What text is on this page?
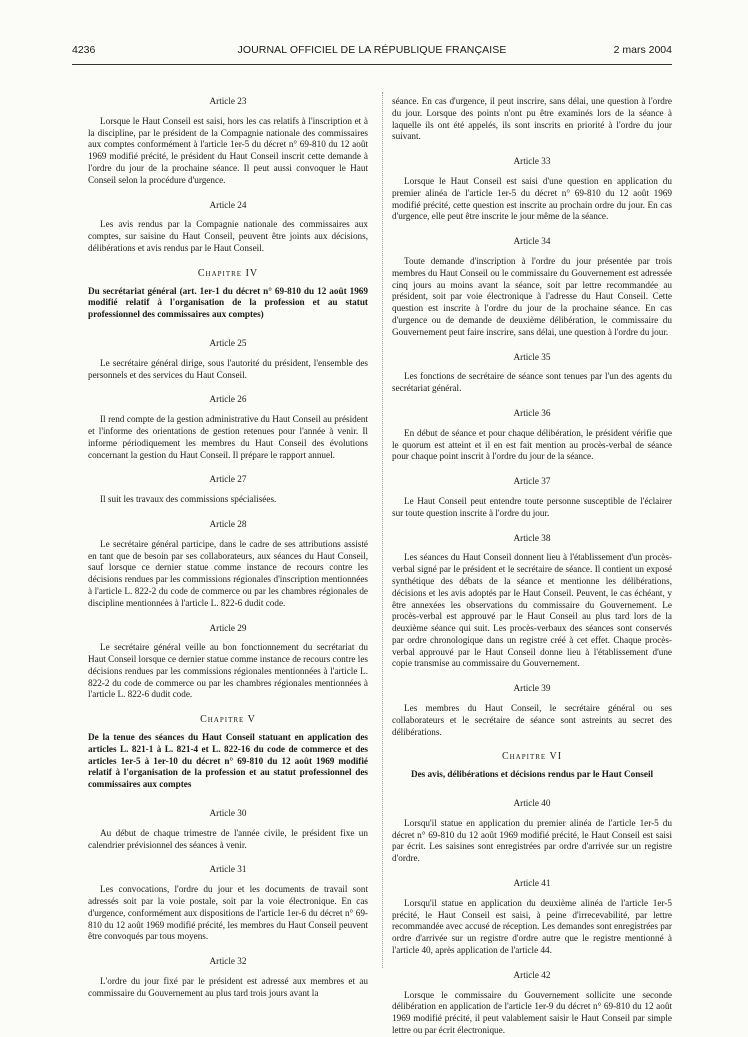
4236	JOURNAL OFFICIEL DE LA RÉPUBLIQUE FRANÇAISE	2 mars 2004
Article 23
Lorsque le Haut Conseil est saisi, hors les cas relatifs à l'inscription et à la discipline, par le président de la Compagnie nationale des commissaires aux comptes conformément à l'article 1er-5 du décret n° 69-810 du 12 août 1969 modifié précité, le président du Haut Conseil inscrit cette demande à l'ordre du jour de la prochaine séance. Il peut aussi convoquer le Haut Conseil selon la procédure d'urgence.
Article 24
Les avis rendus par la Compagnie nationale des commissaires aux comptes, sur saisine du Haut Conseil, peuvent être joints aux décisions, délibérations et avis rendus par le Haut Conseil.
Chapitre IV
Du secrétariat général (art. 1er-1 du décret n° 69-810 du 12 août 1969 modifié relatif à l'organisation de la profession et au statut professionnel des commissaires aux comptes)
Article 25
Le secrétaire général dirige, sous l'autorité du président, l'ensemble des personnels et des services du Haut Conseil.
Article 26
Il rend compte de la gestion administrative du Haut Conseil au président et l'informe des orientations de gestion retenues pour l'année à venir. Il informe périodiquement les membres du Haut Conseil des évolutions concernant la gestion du Haut Conseil. Il prépare le rapport annuel.
Article 27
Il suit les travaux des commissions spécialisées.
Article 28
Le secrétaire général participe, dans le cadre de ses attributions assisté en tant que de besoin par ses collaborateurs, aux séances du Haut Conseil, sauf lorsque ce dernier statue comme instance de recours contre les décisions rendues par les commissions régionales d'inscription mentionnées à l'article L. 822-2 du code de commerce ou par les chambres régionales de discipline mentionnées à l'article L. 822-6 dudit code.
Article 29
Le secrétaire général veille au bon fonctionnement du secrétariat du Haut Conseil lorsque ce dernier statue comme instance de recours contre les décisions rendues par les commissions régionales mentionnées à l'article L. 822-2 du code de commerce ou par les chambres régionales mentionnées à l'article L. 822-6 dudit code.
Chapitre V
De la tenue des séances du Haut Conseil statuant en application des articles L. 821-1 à L. 821-4 et L. 822-16 du code de commerce et des articles 1er-5 à 1er-10 du décret n° 69-810 du 12 août 1969 modifié relatif à l'organisation de la profession et au statut professionnel des commissaires aux comptes
Article 30
Au début de chaque trimestre de l'année civile, le président fixe un calendrier prévisionnel des séances à venir.
Article 31
Les convocations, l'ordre du jour et les documents de travail sont adressés soit par la voie postale, soit par la voie électronique. En cas d'urgence, conformément aux dispositions de l'article 1er-6 du décret n° 69-810 du 12 août 1969 modifié précité, les membres du Haut Conseil peuvent être convoqués par tous moyens.
Article 32
L'ordre du jour fixé par le président est adressé aux membres et au commissaire du Gouvernement au plus tard trois jours avant la
séance. En cas d'urgence, il peut inscrire, sans délai, une question à l'ordre du jour. Lorsque des points n'ont pu être examinés lors de la séance à laquelle ils ont été appelés, ils sont inscrits en priorité à l'ordre du jour suivant.
Article 33
Lorsque le Haut Conseil est saisi d'une question en application du premier alinéa de l'article 1er-5 du décret n° 69-810 du 12 août 1969 modifié précité, cette question est inscrite au prochain ordre du jour. En cas d'urgence, elle peut être inscrite le jour même de la séance.
Article 34
Toute demande d'inscription à l'ordre du jour présentée par trois membres du Haut Conseil ou le commissaire du Gouvernement est adressée cinq jours au moins avant la séance, soit par lettre recommandée au président, soit par voie électronique à l'adresse du Haut Conseil. Cette question est inscrite à l'ordre du jour de la prochaine séance. En cas d'urgence ou de demande de deuxième délibération, le commissaire du Gouvernement peut faire inscrire, sans délai, une question à l'ordre du jour.
Article 35
Les fonctions de secrétaire de séance sont tenues par l'un des agents du secrétariat général.
Article 36
En début de séance et pour chaque délibération, le président vérifie que le quorum est atteint et il en est fait mention au procès-verbal de séance pour chaque point inscrit à l'ordre du jour de la séance.
Article 37
Le Haut Conseil peut entendre toute personne susceptible de l'éclairer sur toute question inscrite à l'ordre du jour.
Article 38
Les séances du Haut Conseil donnent lieu à l'établissement d'un procès-verbal signé par le président et le secrétaire de séance. Il contient un exposé synthétique des débats de la séance et mentionne les délibérations, décisions et les avis adoptés par le Haut Conseil. Peuvent, le cas échéant, y être annexées les observations du commissaire du Gouvernement. Le procès-verbal est approuvé par le Haut Conseil au plus tard lors de la deuxième séance qui suit. Les procès-verbaux des séances sont conservés par ordre chronologique dans un registre créé à cet effet. Chaque procès-verbal approuvé par le Haut Conseil donne lieu à l'établissement d'une copie transmise au commissaire du Gouvernement.
Article 39
Les membres du Haut Conseil, le secrétaire général ou ses collaborateurs et le secrétaire de séance sont astreints au secret des délibérations.
Chapitre VI
Des avis, délibérations et décisions rendus par le Haut Conseil
Article 40
Lorsqu'il statue en application du premier alinéa de l'article 1er-5 du décret n° 69-810 du 12 août 1969 modifié précité, le Haut Conseil est saisi par écrit. Les saisines sont enregistrées par ordre d'arrivée sur un registre d'ordre.
Article 41
Lorsqu'il statue en application du deuxième alinéa de l'article 1er-5 précité, le Haut Conseil est saisi, à peine d'irrecevabilité, par lettre recommandée avec accusé de réception. Les demandes sont enregistrées par ordre d'arrivée sur un registre d'ordre autre que le registre mentionné à l'article 40, après application de l'article 44.
Article 42
Lorsque le commissaire du Gouvernement sollicite une seconde délibération en application de l'article 1er-9 du décret n° 69-810 du 12 août 1969 modifié précité, il peut valablement saisir le Haut Conseil par simple lettre ou par écrit électronique.
